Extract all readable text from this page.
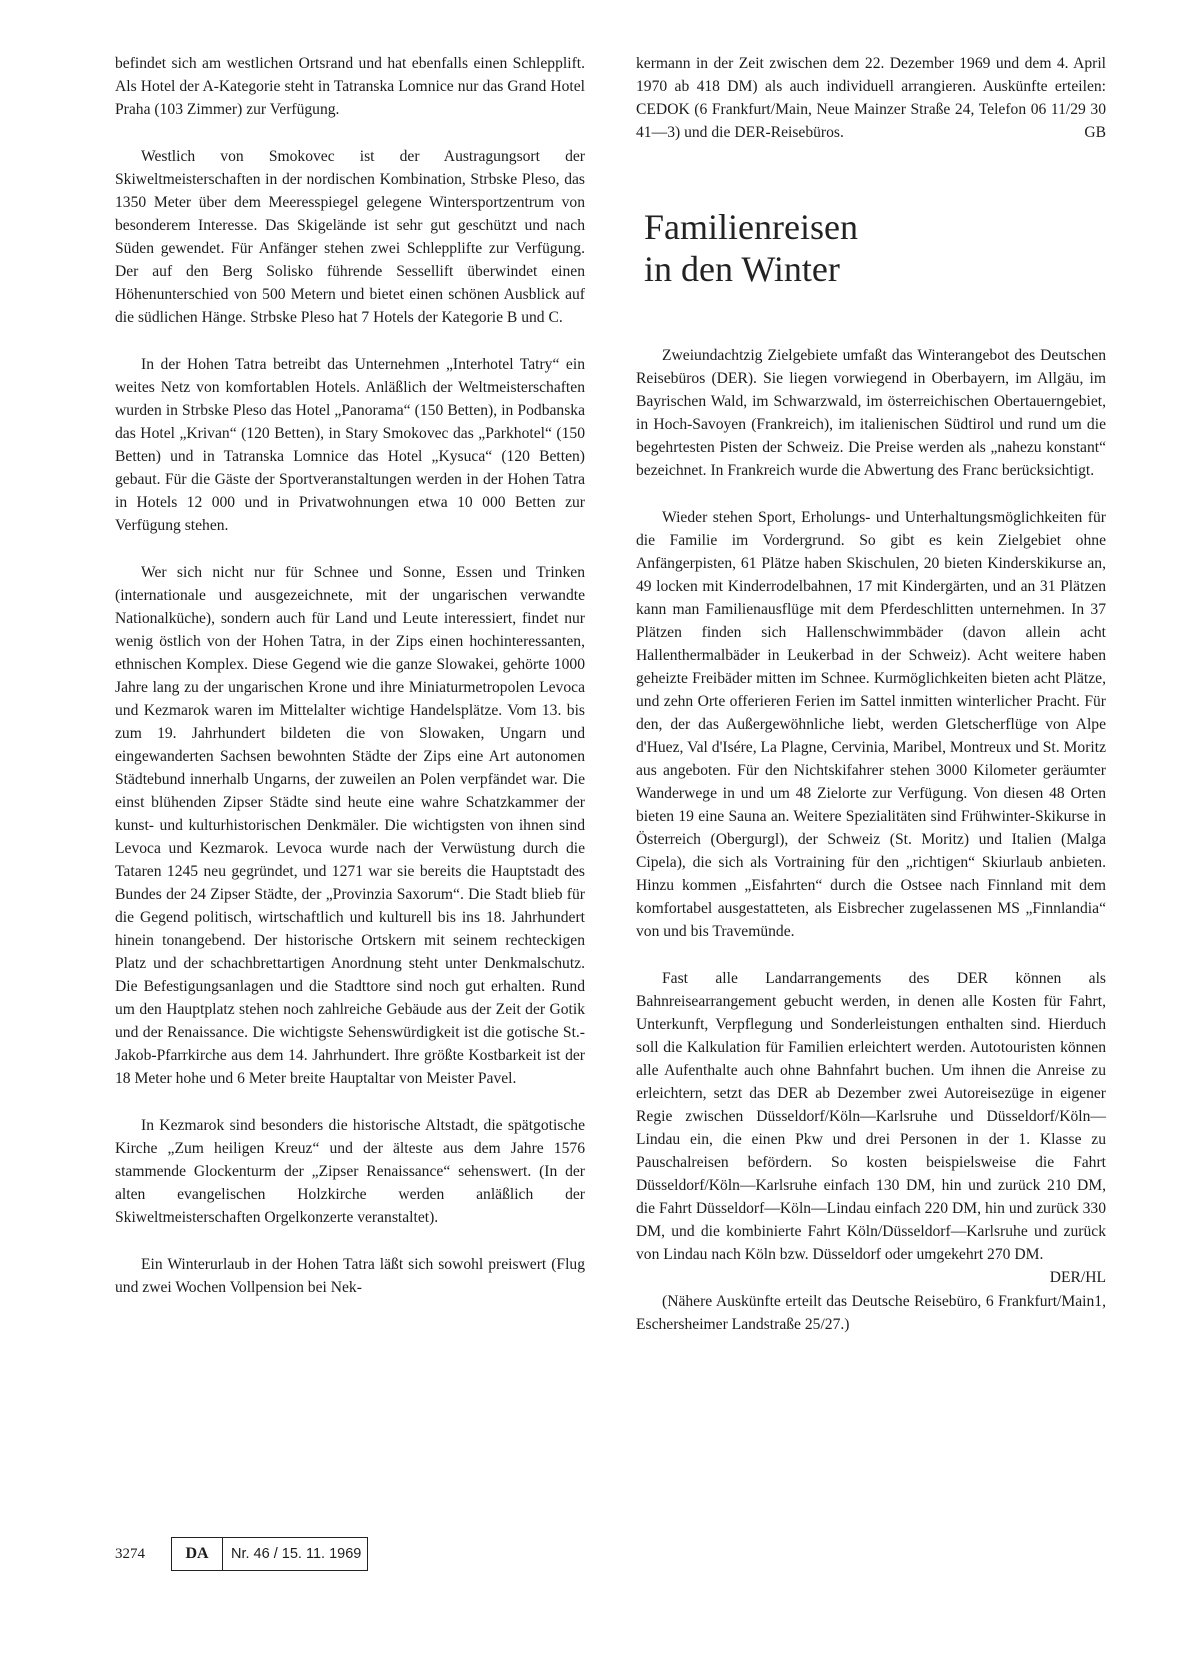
befindet sich am westlichen Ortsrand und hat ebenfalls einen Schlepplift. Als Hotel der A-Kategorie steht in Tatranska Lomnice nur das Grand Hotel Praha (103 Zimmer) zur Verfügung.

Westlich von Smokovec ist der Austragungsort der Skiweltmeisterschaften in der nordischen Kombination, Strbske Pleso, das 1350 Meter über dem Meeresspiegel gelegene Wintersportzentrum von besonderem Interesse. Das Skigelände ist sehr gut geschützt und nach Süden gewendet. Für Anfänger stehen zwei Schlepplifte zur Verfügung. Der auf den Berg Solisko führende Sessellift überwindet einen Höhenunterschied von 500 Metern und bietet einen schönen Ausblick auf die südlichen Hänge. Strbske Pleso hat 7 Hotels der Kategorie B und C.

In der Hohen Tatra betreibt das Unternehmen „Interhotel Tatry“ ein weites Netz von komfortablen Hotels. Anläßlich der Weltmeisterschaften wurden in Strbske Pleso das Hotel „Panorama“ (150 Betten), in Podbanska das Hotel „Krivan“ (120 Betten), in Stary Smokovec das „Parkhotel“ (150 Betten) und in Tatranska Lomnice das Hotel „Kysuca“ (120 Betten) gebaut. Für die Gäste der Sportveranstaltungen werden in der Hohen Tatra in Hotels 12 000 und in Privatwohnungen etwa 10 000 Betten zur Verfügung stehen.

Wer sich nicht nur für Schnee und Sonne, Essen und Trinken (internationale und ausgezeichnete, mit der ungarischen verwandte Nationalküche), sondern auch für Land und Leute interessiert, findet nur wenig östlich von der Hohen Tatra, in der Zips einen hochinteressanten, ethnischen Komplex. Diese Gegend wie die ganze Slowakei, gehörte 1000 Jahre lang zu der ungarischen Krone und ihre Miniaturmetropolen Levoca und Kezmarok waren im Mittelalter wichtige Handelsplätze. Vom 13. bis zum 19. Jahrhundert bildeten die von Slowaken, Ungarn und eingewanderten Sachsen bewohnten Städte der Zips eine Art autonomen Städtebund innerhalb Ungarns, der zuweilen an Polen verpfändet war. Die einst blühenden Zipser Städte sind heute eine wahre Schatzkammer der kunst- und kulturhistorischen Denkmäler. Die wichtigsten von ihnen sind Levoca und Kezmarok. Levoca wurde nach der Verwüstung durch die Tataren 1245 neu gegründet, und 1271 war sie bereits die Hauptstadt des Bundes der 24 Zipser Städte, der „Provinzia Saxorum“. Die Stadt blieb für die Gegend politisch, wirtschaftlich und kulturell bis ins 18. Jahrhundert hinein tonangebend. Der historische Ortskern mit seinem rechteckigen Platz und der schachbrettartigen Anordnung steht unter Denkmalschutz. Die Befestigungsanlagen und die Stadttore sind noch gut erhalten. Rund um den Hauptplatz stehen noch zahlreiche Gebäude aus der Zeit der Gotik und der Renaissance. Die wichtigste Sehenswürdigkeit ist die gotische St.-Jakob-Pfarrkirche aus dem 14. Jahrhundert. Ihre größte Kostbarkeit ist der 18 Meter hohe und 6 Meter breite Hauptaltar von Meister Pavel.

In Kezmarok sind besonders die historische Altstadt, die spätgotische Kirche „Zum heiligen Kreuz“ und der älteste aus dem Jahre 1576 stammende Glockenturm der „Zipser Renaissance“ sehenswert. (In der alten evangelischen Holzkirche werden anläßlich der Skiweltmeisterschaften Orgelkonzerte veranstaltet).

Ein Winterurlaub in der Hohen Tatra läßt sich sowohl preiswert (Flug und zwei Wochen Vollpension bei Nek-

kermann in der Zeit zwischen dem 22. Dezember 1969 und dem 4. April 1970 ab 418 DM) als auch individuell arrangieren. Auskünfte erteilen: CEDOK (6 Frankfurt/Main, Neue Mainzer Straße 24, Telefon 06 11/29 30 41—3) und die DER-Reisebüros.	GB

Familienreisen
in den Winter

Zweiundachtzig Zielgebiete umfaßt das Winterangebot des Deutschen Reisebüros (DER). Sie liegen vorwiegend in Oberbayern, im Allgäu, im Bayrischen Wald, im Schwarzwald, im österreichischen Obertauerngebiet, in Hoch-Savoyen (Frankreich), im italienischen Südtirol und rund um die begehrtesten Pisten der Schweiz. Die Preise werden als „nahezu konstant“ bezeichnet. In Frankreich wurde die Abwertung des Franc berücksichtigt.

Wieder stehen Sport, Erholungs- und Unterhaltungsmöglichkeiten für die Familie im Vordergrund. So gibt es kein Zielgebiet ohne Anfängerpisten, 61 Plätze haben Skischulen, 20 bieten Kinderskikurse an, 49 locken mit Kinderrodelbahnen, 17 mit Kindergärten, und an 31 Plätzen kann man Familienausflüge mit dem Pferdeschlitten unternehmen. In 37 Plätzen finden sich Hallenschwimmbäder (davon allein acht Hallenthermalbäder in Leukerbad in der Schweiz). Acht weitere haben geheizte Freibäder mitten im Schnee. Kurmöglichkeiten bieten acht Plätze, und zehn Orte offerieren Ferien im Sattel inmitten winterlicher Pracht. Für den, der das Außergewöhnliche liebt, werden Gletscherflüge von Alpe d'Huez, Val d'Isére, La Plagne, Cervinia, Maribel, Montreux und St. Moritz aus angeboten. Für den Nichtskifahrer stehen 3000 Kilometer geräumter Wanderwege in und um 48 Zielorte zur Verfügung. Von diesen 48 Orten bieten 19 eine Sauna an. Weitere Spezialitäten sind Frühwinter-Skikurse in Österreich (Obergurgl), der Schweiz (St. Moritz) und Italien (Malga Cipela), die sich als Vortraining für den „richtigen“ Skiurlaub anbieten. Hinzu kommen „Eisfahrten“ durch die Ostsee nach Finnland mit dem komfortabel ausgestatteten, als Eisbrecher zugelassenen MS „Finnlandia“ von und bis Travemünde.

Fast alle Landarrangements des DER können als Bahnreisearrangement gebucht werden, in denen alle Kosten für Fahrt, Unterkunft, Verpflegung und Sonderleistungen enthalten sind. Hierduch soll die Kalkulation für Familien erleichtert werden. Autotouristen können alle Aufenthalte auch ohne Bahnfahrt buchen. Um ihnen die Anreise zu erleichtern, setzt das DER ab Dezember zwei Autoreisezüge in eigener Regie zwischen Düsseldorf/Köln—Karlsruhe und Düsseldorf/Köln—Lindau ein, die einen Pkw und drei Personen in der 1. Klasse zu Pauschalreisen befördern. So kosten beispielsweise die Fahrt Düsseldorf/Köln—Karlsruhe einfach 130 DM, hin und zurück 210 DM, die Fahrt Düsseldorf—Köln—Lindau einfach 220 DM, hin und zurück 330 DM, und die kombinierte Fahrt Köln/Düsseldorf—Karlsruhe und zurück von Lindau nach Köln bzw. Düsseldorf oder umgekehrt 270 DM.
DER/HL

(Nähere Auskünfte erteilt das Deutsche Reisebüro, 6 Frankfurt/Main1, Eschersheimer Landstraße 25/27.)

3274	DA	Nr. 46 / 15. 11. 1969
